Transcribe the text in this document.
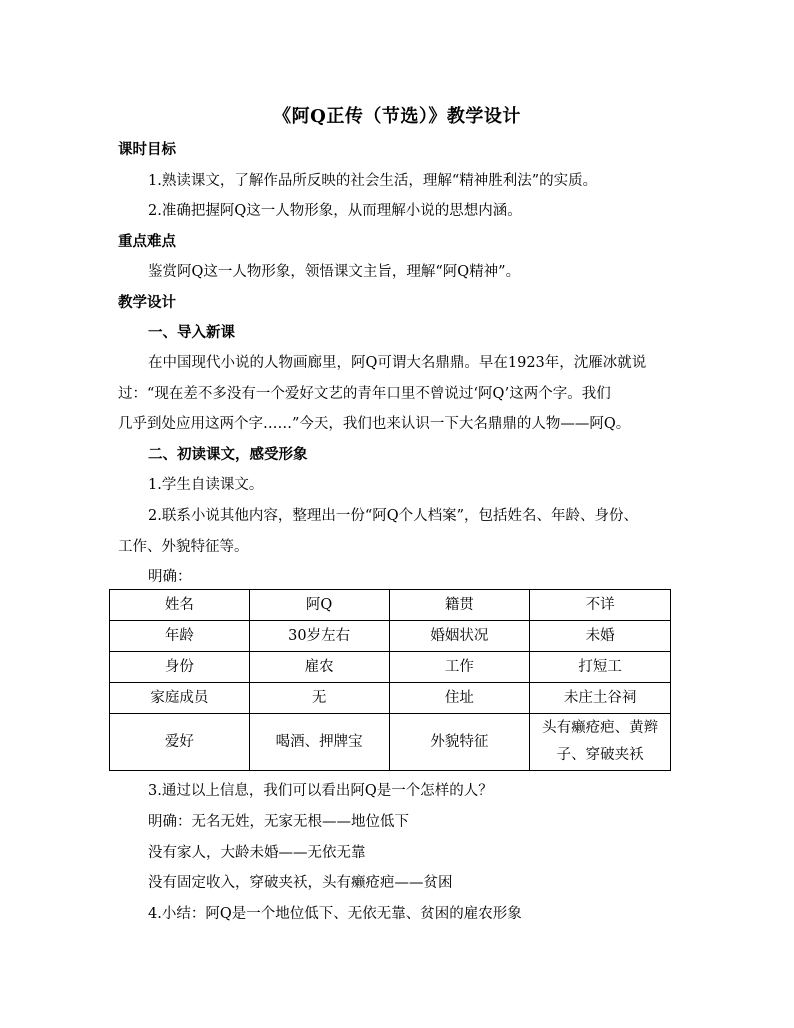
《阿Q正传（节选）》教学设计
课时目标
1.熟读课文，了解作品所反映的社会生活，理解“精神胜利法”的实质。
2.准确把握阿Q这一人物形象，从而理解小说的思想内涵。
重点难点
鉴赏阿Q这一人物形象，领悟课文主旨，理解“阿Q精神”。
教学设计
一、导入新课
在中国现代小说的人物画廊里，阿Q可谓大名鼎鼎。早在1923年，沈雁冰就说
过：“现在差不多没有一个爱好文艺的青年口里不曾说过‘阿Q’这两个字。我们
几乎到处应用这两个字……”今天，我们也来认识一下大名鼎鼎的人物——阿Q。
二、初读课文，感受形象
1.学生自读课文。
2.联系小说其他内容，整理出一份“阿Q个人档案”，包括姓名、年龄、身份、
工作、外貌特征等。
明确：
姓名	阿Q	籍贯	不详
年龄	30岁左右	婚姻状况	未婚
身份	雇农	工作	打短工
家庭成员	无	住址	未庄土谷祠
爱好	喝酒、押牌宝	外貌特征	头有癞疮疤、黄辫子、穿破夹袄
3.通过以上信息，我们可以看出阿Q是一个怎样的人？
明确：无名无姓，无家无根——地位低下
没有家人，大龄未婚——无依无靠
没有固定收入，穿破夹袄，头有癞疮疤——贫困
4.小结：阿Q是一个地位低下、无依无靠、贫困的雇农形象
